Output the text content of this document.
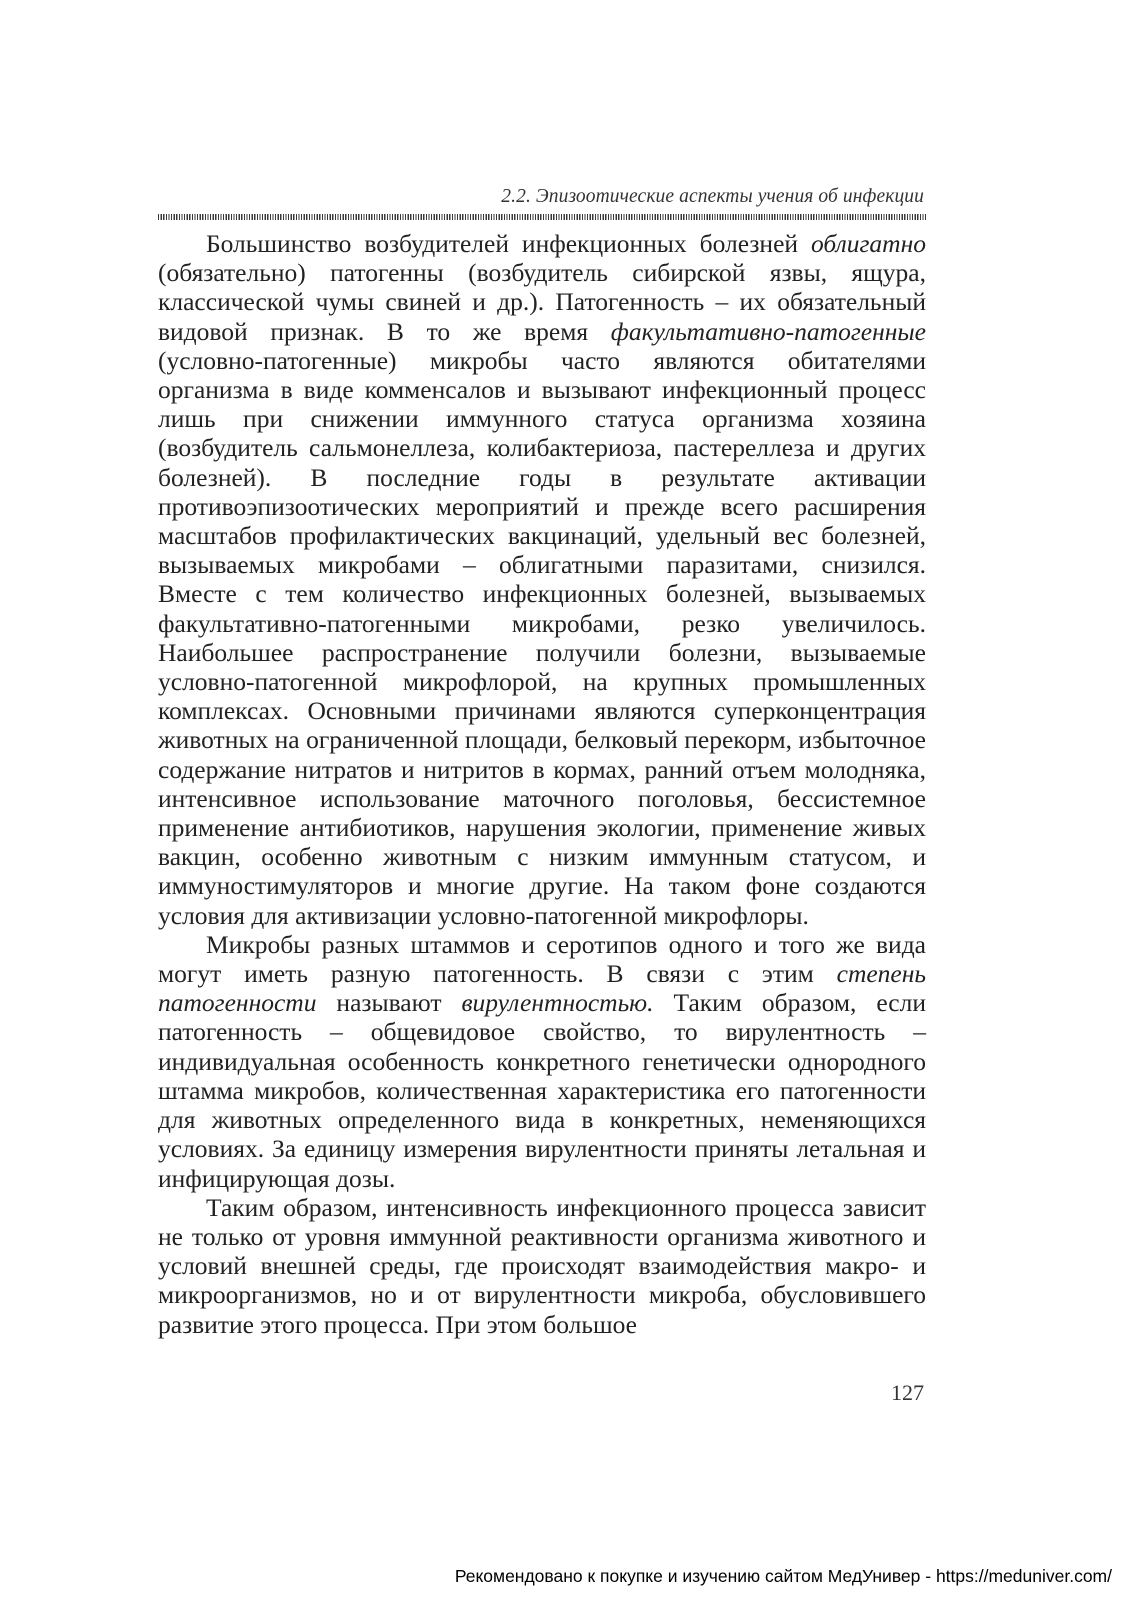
2.2. Эпизоотические аспекты учения об инфекции

Большинство возбудителей инфекционных болезней облигатно (обязательно) патогенны (возбудитель сибирской язвы, ящура, классической чумы свиней и др.). Патогенность – их обязательный видовой признак. В то же время факультативно-патогенные (условно-патогенные) микробы часто являются обитателями организма в виде комменсалов и вызывают инфекционный процесс лишь при снижении иммунного статуса организма хозяина (возбудитель сальмонеллеза, колибактериоза, пастереллеза и других болезней). В последние годы в результате активации противоэпизоотических мероприятий и прежде всего расширения масштабов профилактических вакцинаций, удельный вес болезней, вызываемых микробами – облигатными паразитами, снизился. Вместе с тем количество инфекционных болезней, вызываемых факультативно-патогенными микробами, резко увеличилось. Наибольшее распространение получили болезни, вызываемые условно-патогенной микрофлорой, на крупных промышленных комплексах. Основными причинами являются суперконцентрация животных на ограниченной площади, белковый перекорм, избыточное содержание нитратов и нитритов в кормах, ранний отъем молодняка, интенсивное использование маточного поголовья, бессистемное применение антибиотиков, нарушения экологии, применение живых вакцин, особенно животным с низким иммунным статусом, и иммуностимуляторов и многие другие. На таком фоне создаются условия для активизации условно-патогенной микрофлоры.

Микробы разных штаммов и серотипов одного и того же вида могут иметь разную патогенность. В связи с этим степень патогенности называют вирулентностью. Таким образом, если патогенность – общевидовое свойство, то вирулентность – индивидуальная особенность конкретного генетически однородного штамма микробов, количественная характеристика его патогенности для животных определенного вида в конкретных, неменяющихся условиях. За единицу измерения вирулентности приняты летальная и инфицирующая дозы.

Таким образом, интенсивность инфекционного процесса зависит не только от уровня иммунной реактивности организма животного и условий внешней среды, где происходят взаимодействия макро- и микроорганизмов, но и от вирулентности микроба, обусловившего развитие этого процесса. При этом большое

127
Рекомендовано к покупке и изучению сайтом МедУнивер - https://meduniver.com/
